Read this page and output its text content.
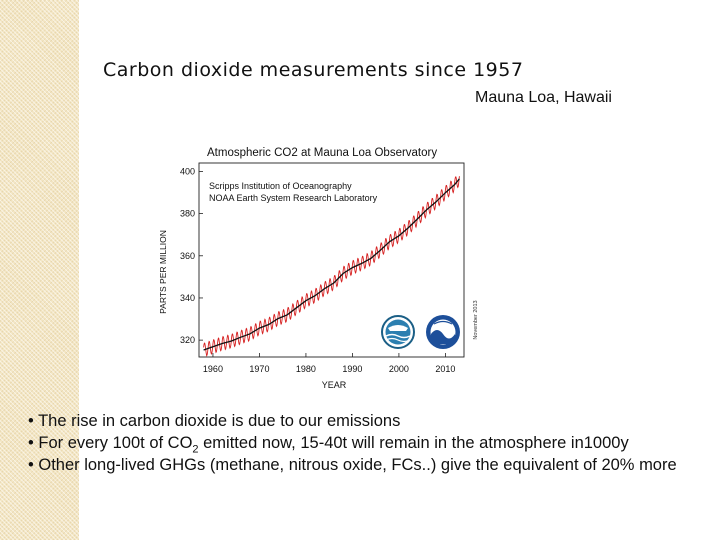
Carbon dioxide measurements since 1957
Mauna Loa, Hawaii
Atmospheric CO2 at Mauna Loa Observatory
Scripps Institution of Oceanography
NOAA Earth System Research Laboratory
PARTS PER MILLION
YEAR
November 2013
1960	1970	1980	1990	2000	2010
320
340
360
380
400
• The rise in carbon dioxide is due to our emissions
• For every 100t of $CO_2$ emitted now, 15-40t will remain in the atmosphere in1000y
• Other long-lived GHGs (methane, nitrous oxide, FCs..) give the equivalent of 20% more
